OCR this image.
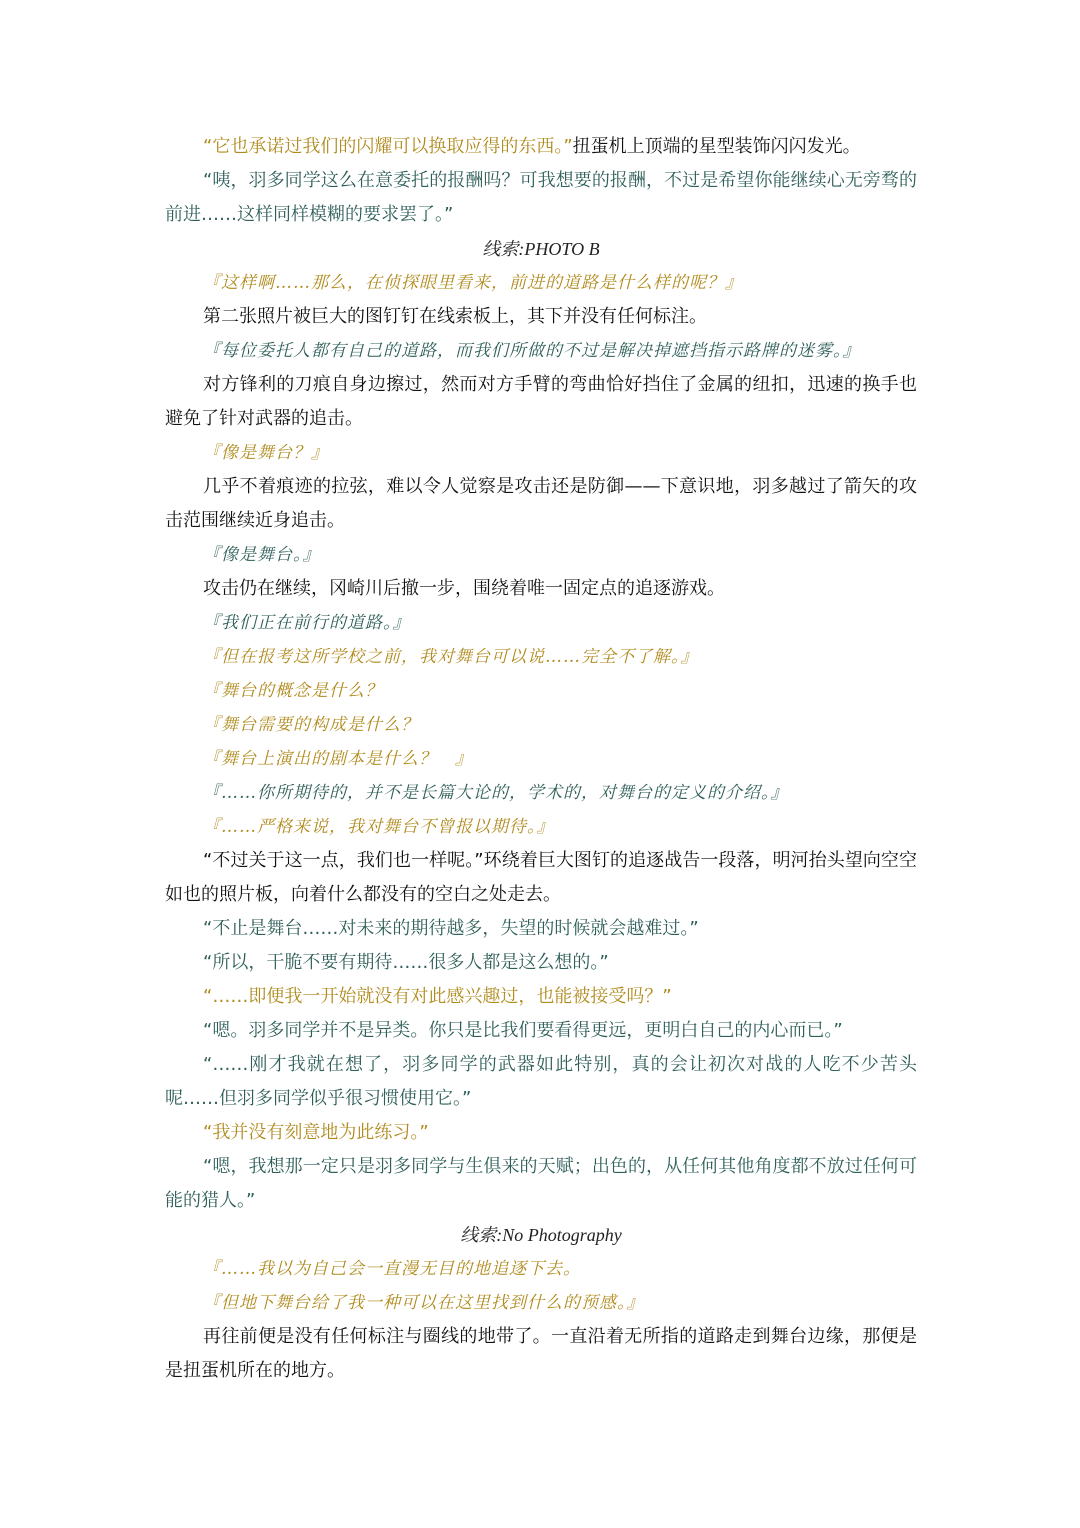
“它也承诺过我们的闪耀可以换取应得的东西。”扭蛋机上顶端的星型装饰闪闪发光。

“咦，羽多同学这么在意委托的报酬吗？可我想要的报酬，不过是希望你能继续心无旁骛的前进……这样同样模糊的要求罢了。”

线索:PHOTO B

『这样啊……那么，在侦探眼里看来，前进的道路是什么样的呢？』

第二张照片被巨大的图钉钉在线索板上，其下并没有任何标注。

『每位委托人都有自己的道路，而我们所做的不过是解决掉遮挡指示路牌的迷雾。』

对方锋利的刀痕自身边擦过，然而对方手臂的弯曲恰好挡住了金属的纽扣，迅速的换手也避免了针对武器的追击。

『像是舞台？』

几乎不着痕迹的拉弦，难以令人觉察是攻击还是防御——下意识地，羽多越过了箭矢的攻击范围继续近身追击。

『像是舞台。』

攻击仍在继续，冈崎川后撤一步，围绕着唯一固定点的追逐游戏。

『我们正在前行的道路。』

『但在报考这所学校之前，我对舞台可以说……完全不了解。』

『舞台的概念是什么？

『舞台需要的构成是什么？

『舞台上演出的剧本是什么？　』

『……你所期待的，并不是长篇大论的，学术的，对舞台的定义的介绍。』

『……严格来说，我对舞台不曾报以期待。』

“不过关于这一点，我们也一样呢。”环绕着巨大图钉的追逐战告一段落，明河抬头望向空空如也的照片板，向着什么都没有的空白之处走去。

“不止是舞台……对未来的期待越多，失望的时候就会越难过。”

“所以，干脆不要有期待……很多人都是这么想的。”

“……即便我一开始就没有对此感兴趣过，也能被接受吗？”

“嗯。羽多同学并不是异类。你只是比我们要看得更远，更明白自己的内心而已。”

“……刚才我就在想了，羽多同学的武器如此特别，真的会让初次对战的人吃不少苦头呢……但羽多同学似乎很习惯使用它。”

“我并没有刻意地为此练习。”

“嗯，我想那一定只是羽多同学与生俱来的天赋；出色的，从任何其他角度都不放过任何可能的猎人。”

线索:No Photography

『……我以为自己会一直漫无目的地追逐下去。

『但地下舞台给了我一种可以在这里找到什么的预感。』

再往前便是没有任何标注与圈线的地带了。一直沿着无所指的道路走到舞台边缘，那便是是扭蛋机所在的地方。
